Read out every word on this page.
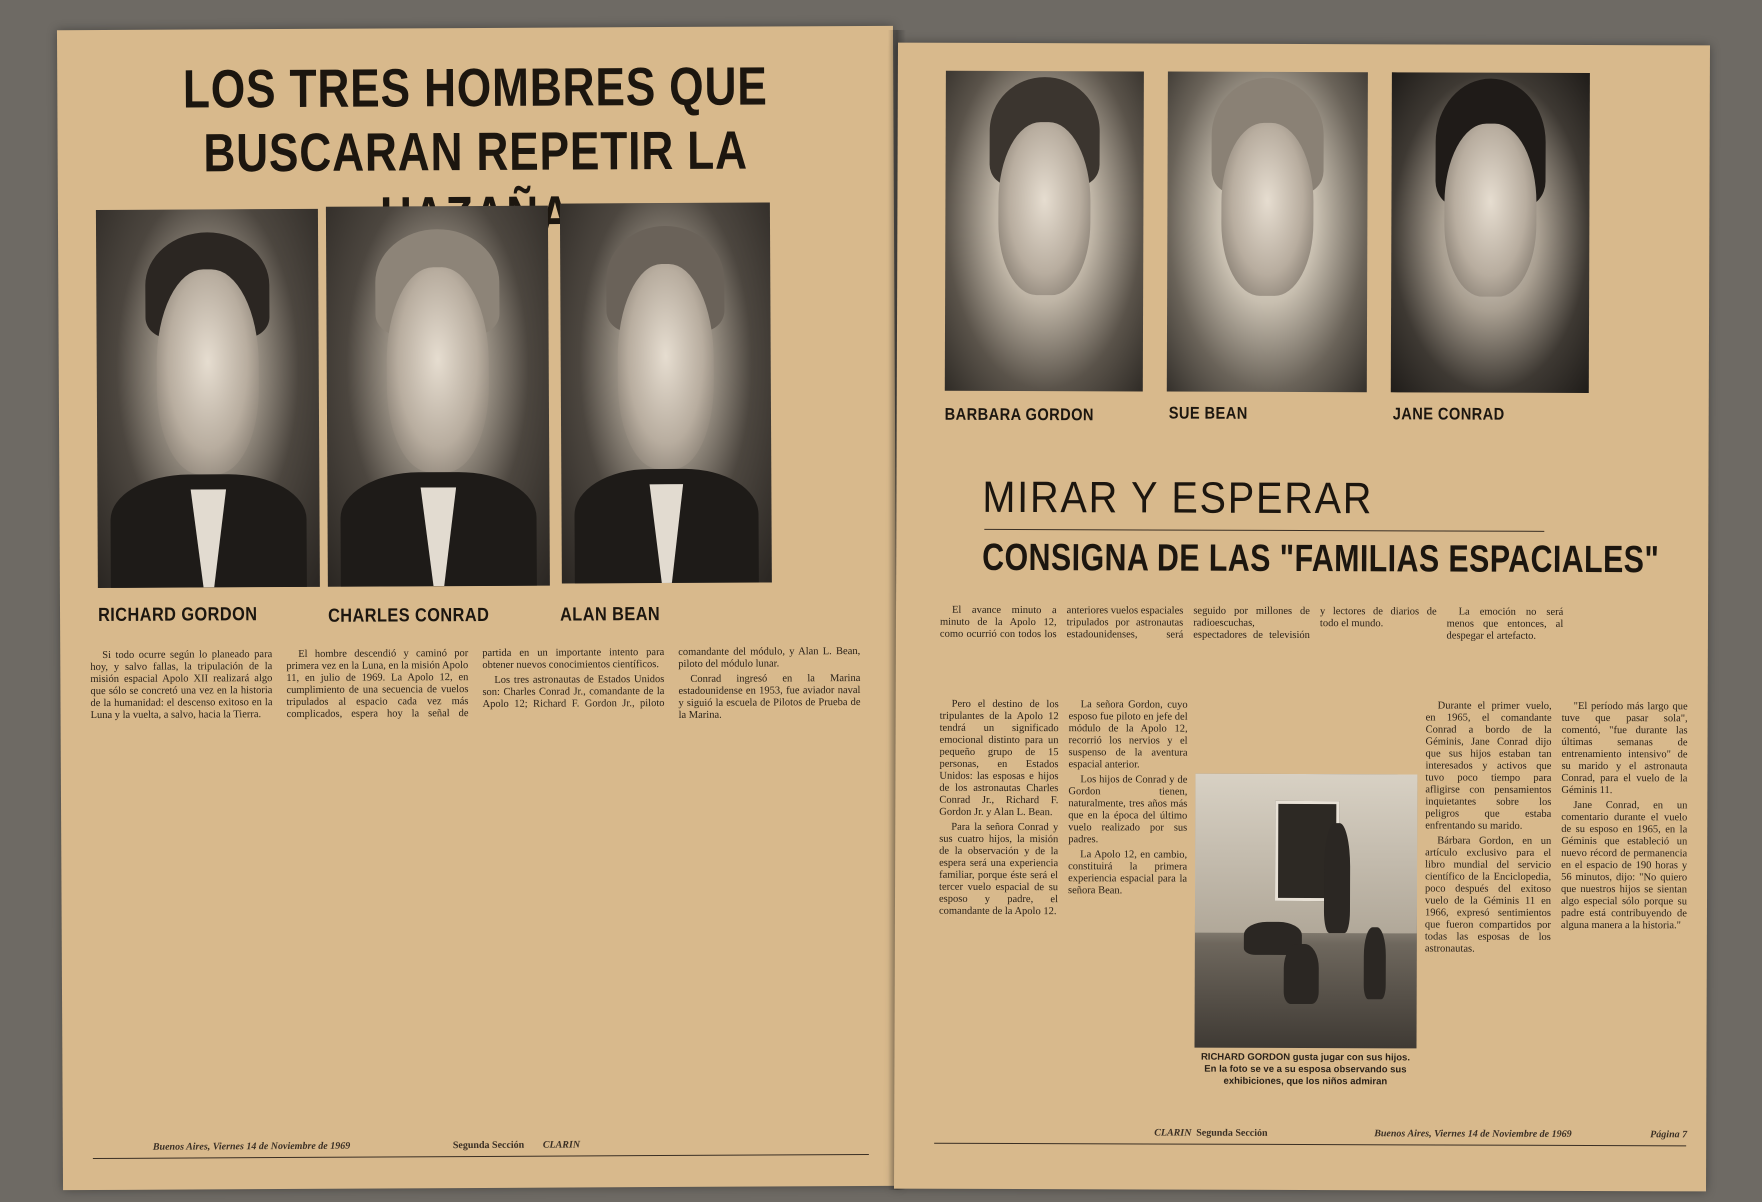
LOS TRES HOMBRES QUE
BUSCARAN REPETIR LA
RICHARD GORDON	CHARLES CONRAD	ALAN BEAN

Si todo ocurre según lo planeado para hoy, y salvo fallas, la tripulación de la misión espacial Apolo XII realizará algo que sólo se concretó una vez en la historia de la humanidad: el descenso exitoso en la Luna y la vuelta, a salvo, hacia la Tierra.

El hombre descendió y caminó por primera vez en la Luna, en la misión Apolo 11, en julio de 1969. La Apolo 12, en cumplimiento de una secuencia de vuelos tripulados al espacio cada vez más complicados, espera hoy la señal de partida en un importante intento para obtener nuevos conocimientos científicos.

Los tres astronautas de Estados Unidos son: Charles Conrad Jr., comandante de la Apolo 12; Richard F. Gordon Jr., piloto comandante del módulo, y Alan L. Bean, piloto del módulo lunar.

Conrad ingresó en la Marina estadounidense en 1953, fue aviador naval y siguió la escuela de Pilotos de Prueba de la Marina.

Buenos Aires, Viernes 14 de Noviembre de 1969	Segunda Sección CLARIN
BARBARA GORDON	SUE BEAN	JANE CONRAD
MIRAR Y ESPERAR
CONSIGNA DE LAS "FAMILIAS ESPACIALES"

El avance minuto a minuto de la Apolo 12, como ocurrió con todos los anteriores vuelos espaciales tripulados por astronautas estadounidenses, será seguido por millones de radioescuchas, espectadores de televisión y lectores de diarios de todo el mundo.

La emoción no será menos que entonces, al despegar el artefacto.

Pero el destino de los tripulantes de la Apolo 12 tendrá un significado emocional distinto para un pequeño grupo de 15 personas, en Estados Unidos: las esposas e hijos de los astronautas Charles Conrad Jr., Richard F. Gordon Jr. y Alan L. Bean.

Para la señora Conrad y sus cuatro hijos, la misión de la observación y de la espera será una experiencia familiar, porque éste será el tercer vuelo espacial de su esposo y padre, el comandante de la Apolo 12.

La señora Gordon, cuyo esposo fue piloto en jefe del módulo de la Apolo 12, recorrió los nervios y el suspenso de la aventura espacial anterior.

Los hijos de Conrad y de Gordon tienen, naturalmente, tres años más que en la época del último vuelo realizado por sus padres.

La Apolo 12, en cambio, constituirá la primera experiencia espacial para la señora Bean.

RICHARD GORDON gusta jugar con sus hijos. En la foto se ve a su esposa observando sus exhibiciones, que los niños admiran

Durante el primer vuelo, en 1965, el comandante Conrad a bordo de la Géminis, Jane Conrad dijo que sus hijos estaban tan interesados y activos que tuvo poco tiempo para afligirse con pensamientos inquietantes sobre los peligros que estaba enfrentando su marido.

Bárbara Gordon, en un artículo exclusivo para el libro mundial del servicio científico de la Enciclopedia, poco después del exitoso vuelo de la Géminis 11 en 1966, expresó sentimientos que fueron compartidos por todas las esposas de los astronautas.

"El período más largo que tuve que pasar sola", comentó, "fue durante las últimas semanas de entrenamiento intensivo" de su marido y el astronauta Conrad, para el vuelo de la Géminis 11.

Jane Conrad, en un comentario durante el vuelo de su esposo en 1965, en la Géminis que estableció un nuevo récord de permanencia en el espacio de 190 horas y 56 minutos, dijo: "No quiero que nuestros hijos se sientan algo especial sólo porque su padre está contribuyendo de alguna manera a la historia."

CLARIN Segunda Sección	Buenos Aires, Viernes 14 de Noviembre de 1969	Página 7
